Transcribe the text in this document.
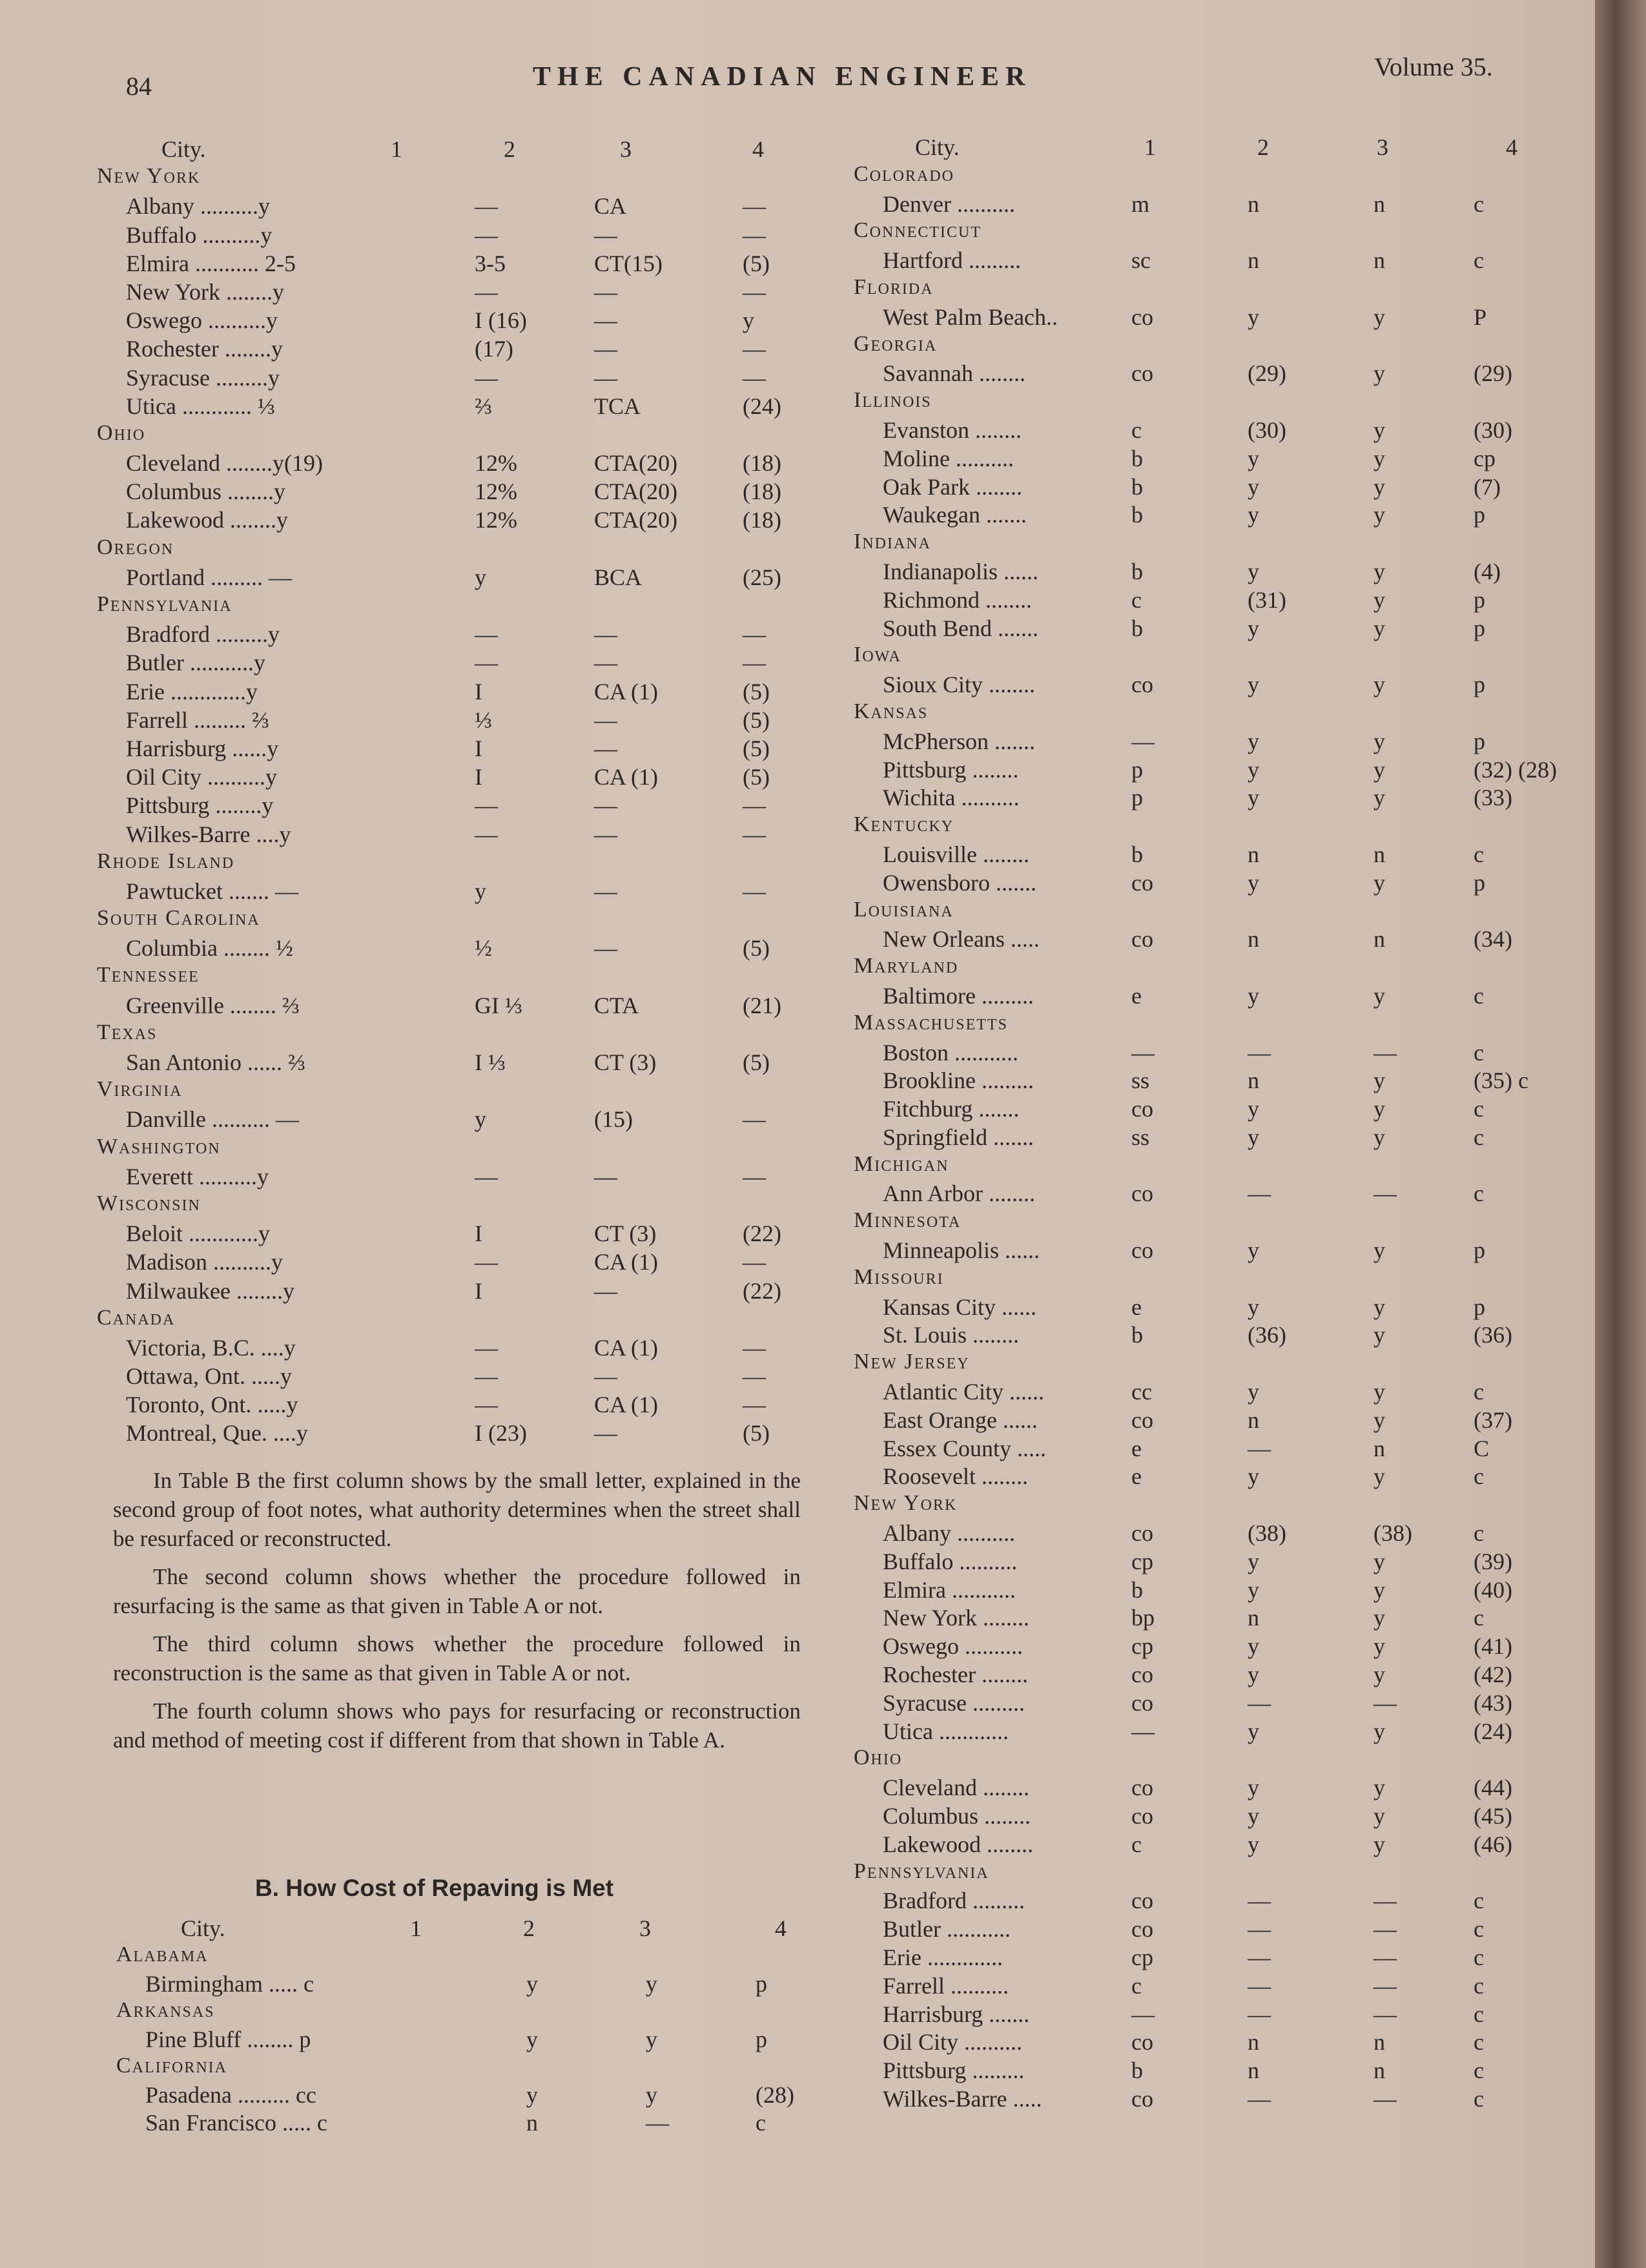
84	THE CANADIAN ENGINEER	Volume 35.
City.	1	2	3	4
New York
Albany ..........y	—	CA	—
Buffalo ..........y	—	—	—
Elmira ........... 2-5	3-5	CT(15)	(5)
New York ........y	—	—	—
Oswego ..........y	I (16)	—	y
Rochester ........y	(17)	—	—
Syracuse .........y	—	—	—
Utica ............ ⅓	⅔	TCA	(24)
Ohio
Cleveland ........y(19)	12%	CTA(20)	(18)
Columbus ........y	12%	CTA(20)	(18)
Lakewood ........y	12%	CTA(20)	(18)
Oregon
Portland ......... —	y	BCA	(25)
Pennsylvania
Bradford .........y	—	—	—
Butler ...........y	—	—	—
Erie .............y	I	CA (1)	(5)
Farrell ......... ⅔	⅓	—	(5)
Harrisburg ......y	I	—	(5)
Oil City ..........y	I	CA (1)	(5)
Pittsburg ........y	—	—	—
Wilkes-Barre ....y	—	—	—
Rhode Island
Pawtucket ....... —	y	—	—
South Carolina
Columbia ........ ½	½	—	(5)
Tennessee
Greenville ........ ⅔	GI ⅓	CTA	(21)
Texas
San Antonio ...... ⅔	I ⅓	CT (3)	(5)
Virginia
Danville .......... —	y	(15)	—
Washington
Everett ..........y	—	—	—
Wisconsin
Beloit ............y	I	CT (3)	(22)
Madison ..........y	—	CA (1)	—
Milwaukee ........y	I	—	(22)
Canada
Victoria, B.C. ....y	—	CA (1)	—
Ottawa, Ont. .....y	—	—	—
Toronto, Ont. .....y	—	CA (1)	—
Montreal, Que. ....y	I (23)	—	(5)

In Table B the first column shows by the small letter, explained in the second group of foot notes, what authority determines when the street shall be resurfaced or reconstructed.

The second column shows whether the procedure followed in resurfacing is the same as that given in Table A or not.

The third column shows whether the procedure followed in reconstruction is the same as that given in Table A or not.

The fourth column shows who pays for resurfacing or reconstruction and method of meeting cost if different from that shown in Table A.

B. How Cost of Repaving is Met
City.	1	2	3	4
Alabama
Birmingham ..... c	y	y	p
Arkansas
Pine Bluff ........ p	y	y	p
California
Pasadena ......... cc	y	y	(28)
San Francisco ..... c	n	—	c
City.	1	2	3	4
Colorado
Denver ..........	m	n	n	c
Connecticut
Hartford .........	sc	n	n	c
Florida
West Palm Beach..	co	y	y	P
Georgia
Savannah ........	co	(29)	y	(29)
Illinois
Evanston ........	c	(30)	y	(30)
Moline ..........	b	y	y	cp
Oak Park ........	b	y	y	(7)
Waukegan .......	b	y	y	p
Indiana
Indianapolis ......	b	y	y	(4)
Richmond ........	c	(31)	y	p
South Bend .......	b	y	y	p
Iowa
Sioux City ........	co	y	y	p
Kansas
McPherson .......	—	y	y	p
Pittsburg ........	p	y	y	(32) (28)
Wichita ..........	p	y	y	(33)
Kentucky
Louisville ........	b	n	n	c
Owensboro .......	co	y	y	p
Louisiana
New Orleans .....	co	n	n	(34)
Maryland
Baltimore .........	e	y	y	c
Massachusetts
Boston ...........	—	—	—	c
Brookline .........	ss	n	y	(35) c
Fitchburg .......	co	y	y	c
Springfield .......	ss	y	y	c
Michigan
Ann Arbor ........	co	—	—	c
Minnesota
Minneapolis ......	co	y	y	p
Missouri
Kansas City ......	e	y	y	p
St. Louis ........	b	(36)	y	(36)
New Jersey
Atlantic City ......	cc	y	y	c
East Orange ......	co	n	y	(37)
Essex County .....	e	—	n	C
Roosevelt ........	e	y	y	c
New York
Albany ..........	co	(38)	(38)	c
Buffalo ..........	cp	y	y	(39)
Elmira ...........	b	y	y	(40)
New York ........	bp	n	y	c
Oswego ..........	cp	y	y	(41)
Rochester ........	co	y	y	(42)
Syracuse .........	co	—	—	(43)
Utica ............	—	y	y	(24)
Ohio
Cleveland ........	co	y	y	(44)
Columbus ........	co	y	y	(45)
Lakewood ........	c	y	y	(46)
Pennsylvania
Bradford .........	co	—	—	c
Butler ...........	co	—	—	c
Erie .............	cp	—	—	c
Farrell ..........	c	—	—	c
Harrisburg .......	—	—	—	c
Oil City ..........	co	n	n	c
Pittsburg .........	b	n	n	c
Wilkes-Barre .....	co	—	—	c
